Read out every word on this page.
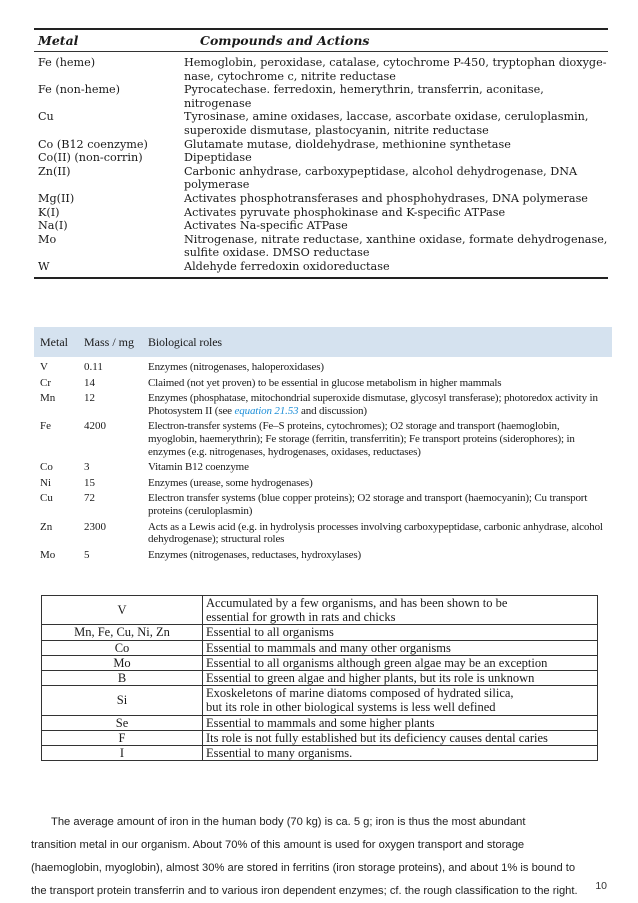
Metal	Compounds and Actions
Fe (heme)	Hemoglobin, peroxidase, catalase, cytochrome P-450, tryptophan dioxyge-
nase, cytochrome c, nitrite reductase
Fe (non-heme)	Pyrocatechase. ferredoxin, hemerythrin, transferrin, aconitase, nitrogenase
Cu	Tyrosinase, amine oxidases, laccase, ascorbate oxidase, ceruloplasmin,
superoxide dismutase, plastocyanin, nitrite reductase
Co (B12 coenzyme)	Glutamate mutase, dioldehydrase, methionine synthetase
Co(II) (non-corrin)	Dipeptidase
Zn(II)	Carbonic anhydrase, carboxypeptidase, alcohol dehydrogenase, DNA
polymerase
Mg(II)	Activates phosphotransferases and phosphohydrases, DNA polymerase
K(I)	Activates pyruvate phosphokinase and K-specific ATPase
Na(I)	Activates Na-specific ATPase
Mo	Nitrogenase, nitrate reductase, xanthine oxidase, formate dehydrogenase,
sulfite oxidase. DMSO reductase
W	Aldehyde ferredoxin oxidoreductase
Metal	Mass / mg	Biological roles
V	0.11	Enzymes (nitrogenases, haloperoxidases)
Cr	14	Claimed (not yet proven) to be essential in glucose metabolism in higher mammals
Mn	12	Enzymes (phosphatase, mitochondrial superoxide dismutase, glycosyl transferase); photoredox activity in
Photosystem II (see equation 21.53 and discussion)
Fe	4200	Electron-transfer systems (Fe–S proteins, cytochromes); O2 storage and transport (haemoglobin,
myoglobin, haemerythrin); Fe storage (ferritin, transferritin); Fe transport proteins (siderophores); in
enzymes (e.g. nitrogenases, hydrogenases, oxidases, reductases)
Co	3	Vitamin B12 coenzyme
Ni	15	Enzymes (urease, some hydrogenases)
Cu	72	Electron transfer systems (blue copper proteins); O2 storage and transport (haemocyanin); Cu transport
proteins (ceruloplasmin)
Zn	2300	Acts as a Lewis acid (e.g. in hydrolysis processes involving carboxypeptidase, carbonic anhydrase, alcohol
dehydrogenase); structural roles
Mo	5	Enzymes (nitrogenases, reductases, hydroxylases)
V	Accumulated by a few organisms, and has been shown to be
essential for growth in rats and chicks

Mn, Fe, Cu, Ni, Zn	Essential to all organisms

Co	Essential to mammals and many other organisms

Mo	Essential to all organisms although green algae may be an exception

B	Essential to green algae and higher plants, but its role is unknown

Si	Exoskeletons of marine diatoms composed of hydrated silica,
but its role in other biological systems is less well defined

Se	Essential to mammals and some higher plants

F	Its role is not fully established but its deficiency causes dental caries

I	Essential to many organisms.
The average amount of iron in the human body (70 kg) is ca. 5 g; iron is thus the most abundant
transition metal in our organism. About 70% of this amount is used for oxygen transport and storage
(haemoglobin, myoglobin), almost 30% are stored in ferritins (iron storage proteins), and about 1% is bound to
the transport protein transferrin and to various iron dependent enzymes; cf. the rough classification to the right.	10
